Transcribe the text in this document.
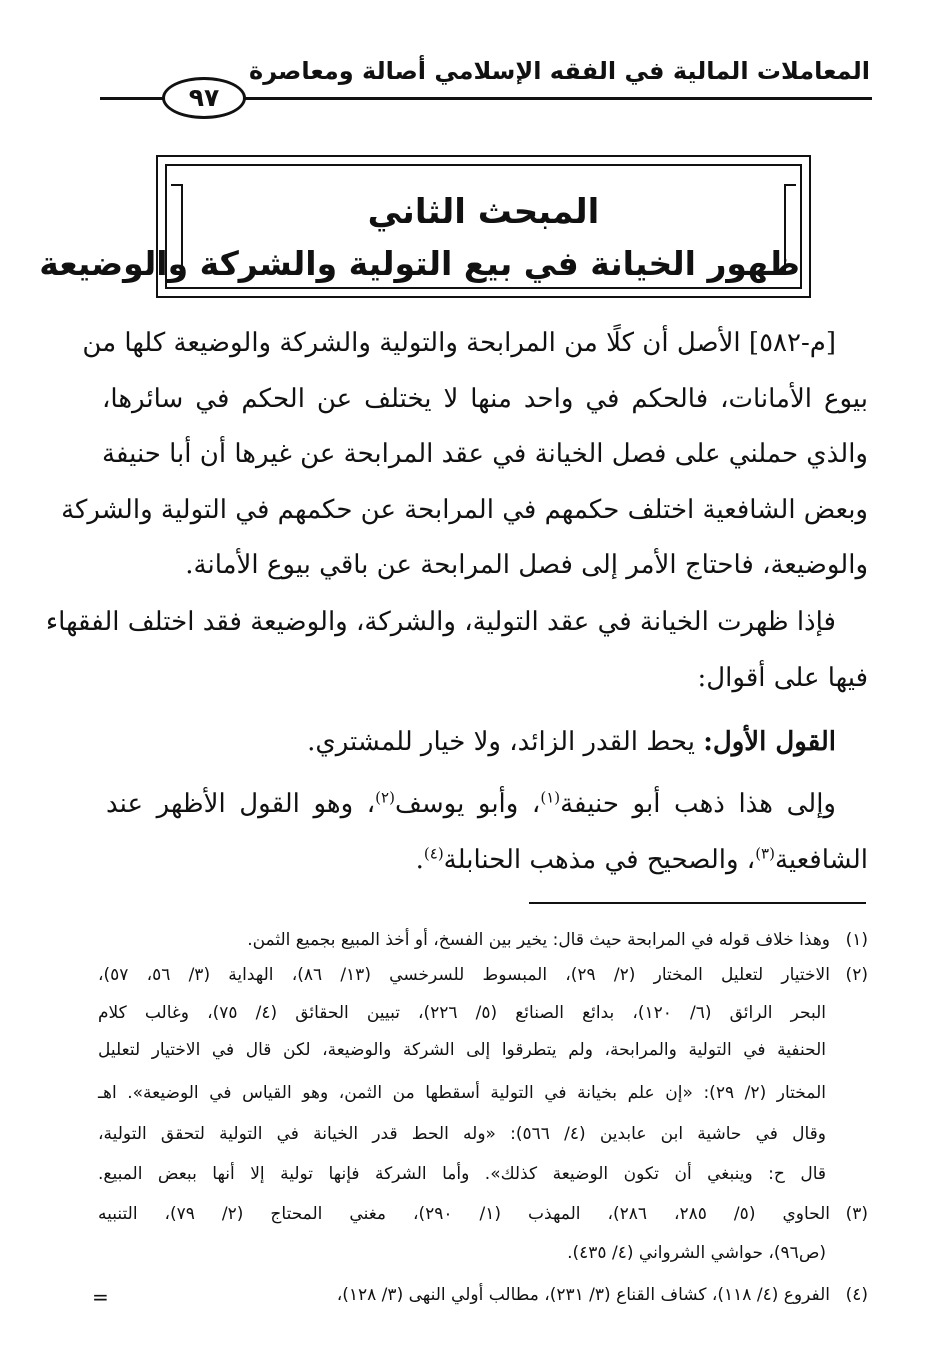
المعاملات المالية في الفقه الإسلامي أصالة ومعاصرة
٩٧
المبحث الثاني
ظهور الخيانة في بيع التولية والشركة والوضيعة
[م-٥٨٢] الأصل أن كلًا من المرابحة والتولية والشركة والوضيعة كلها من
بيوع الأمانات، فالحكم في واحد منها لا يختلف عن الحكم في سائرها،
والذي حملني على فصل الخيانة في عقد المرابحة عن غيرها أن أبا حنيفة
وبعض الشافعية اختلف حكمهم في المرابحة عن حكمهم في التولية والشركة
والوضيعة، فاحتاج الأمر إلى فصل المرابحة عن باقي بيوع الأمانة.
فإذا ظهرت الخيانة في عقد التولية، والشركة، والوضيعة فقد اختلف الفقهاء
فيها على أقوال:
القول الأول: يحط القدر الزائد، ولا خيار للمشتري.
وإلى هذا ذهب أبو حنيفة$^{(١)}$، وأبو يوسف$^{(٢)}$، وهو القول الأظهر عند
الشافعية$^{(٣)}$، والصحيح في مذهب الحنابلة$^{(٤)}$.
(١)وهذا خلاف قوله في المرابحة حيث قال: يخير بين الفسخ، أو أخذ المبيع بجميع الثمن.
(٢)الاختيار لتعليل المختار (٢/ ٢٩)، المبسوط للسرخسي (١٣/ ٨٦)، الهداية (٣/ ٥٦، ٥٧)،
البحر الرائق (٦/ ١٢٠)، بدائع الصنائع (٥/ ٢٢٦)، تبيين الحقائق (٤/ ٧٥)، وغالب كلام
الحنفية في التولية والمرابحة، ولم يتطرقوا إلى الشركة والوضيعة، لكن قال في الاختيار لتعليل
المختار (٢/ ٢٩): «إن علم بخيانة في التولية أسقطها من الثمن، وهو القياس في الوضيعة». اهـ
وقال في حاشية ابن عابدين (٤/ ٥٦٦): «وله الحط قدر الخيانة في التولية لتحقق التولية،
قال ح: وينبغي أن تكون الوضيعة كذلك». وأما الشركة فإنها تولية إلا أنها ببعض المبيع.
(٣)الحاوي (٥/ ٢٨٥، ٢٨٦)، المهذب (١/ ٢٩٠)، مغني المحتاج (٢/ ٧٩)، التنبيه
(ص٩٦)، حواشي الشرواني (٤/ ٤٣٥).
(٤)الفروع (٤/ ١١٨)، كشاف القناع (٣/ ٢٣١)، مطالب أولي النهى (٣/ ١٢٨)،
=
